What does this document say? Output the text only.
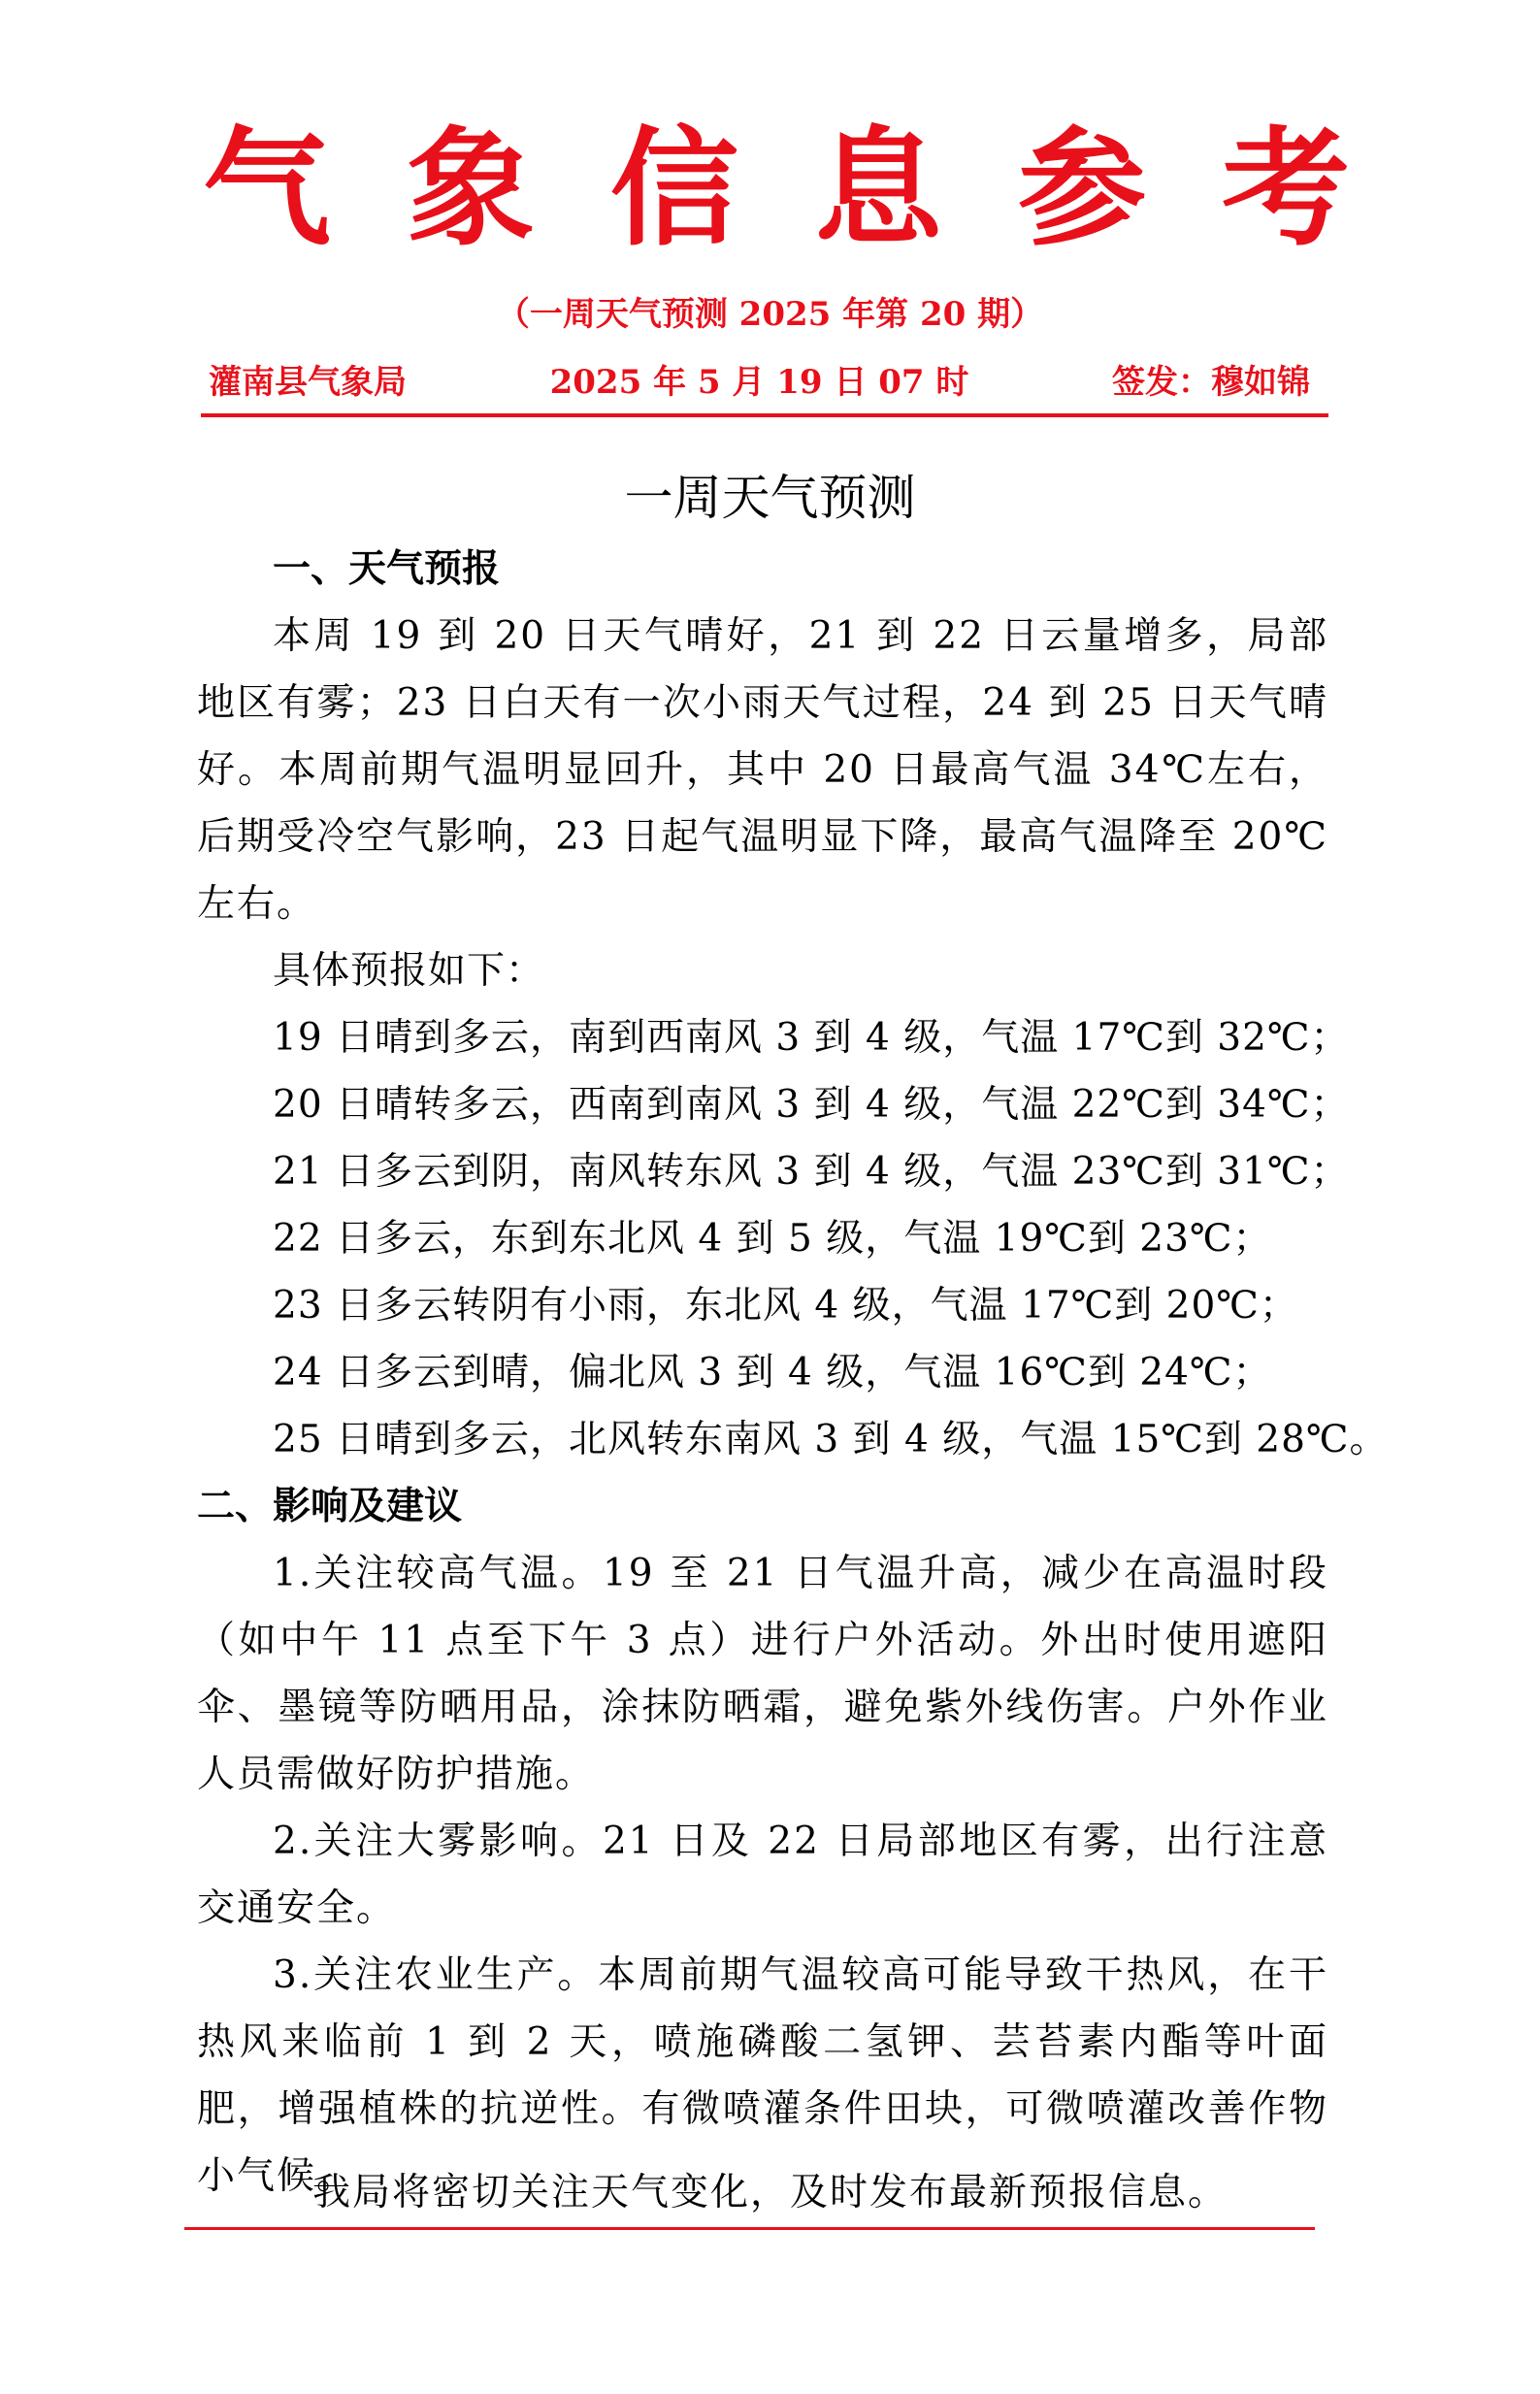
气 象 信 息 参 考
（一周天气预测 2025 年第 20 期）
灌南县气象局	2025 年 5 月 19 日 07 时	签发：穆如锦
一周天气预测

一、天气预报

本周 19 到 20 日天气晴好，21 到 22 日云量增多，局部地区有雾；23 日白天有一次小雨天气过程，24 到 25 日天气晴好。本周前期气温明显回升，其中 20 日最高气温 34℃左右，后期受冷空气影响，23 日起气温明显下降，最高气温降至 20℃左右。

具体预报如下：

19 日晴到多云，南到西南风 3 到 4 级，气温 17℃到 32℃；

20 日晴转多云，西南到南风 3 到 4 级，气温 22℃到 34℃；

21 日多云到阴，南风转东风 3 到 4 级，气温 23℃到 31℃；

22 日多云，东到东北风 4 到 5 级，气温 19℃到 23℃；

23 日多云转阴有小雨，东北风 4 级，气温 17℃到 20℃；

24 日多云到晴，偏北风 3 到 4 级，气温 16℃到 24℃；

25 日晴到多云，北风转东南风 3 到 4 级，气温 15℃到 28℃。

二、影响及建议

1.关注较高气温。19 至 21 日气温升高，减少在高温时段（如中午 11 点至下午 3 点）进行户外活动。外出时使用遮阳伞、墨镜等防晒用品，涂抹防晒霜，避免紫外线伤害。户外作业人员需做好防护措施。

2.关注大雾影响。21 日及 22 日局部地区有雾，出行注意交通安全。

3.关注农业生产。本周前期气温较高可能导致干热风，在干热风来临前 1 到 2 天，喷施磷酸二氢钾、芸苔素内酯等叶面肥，增强植株的抗逆性。有微喷灌条件田块，可微喷灌改善作物小气候。

我局将密切关注天气变化，及时发布最新预报信息。
